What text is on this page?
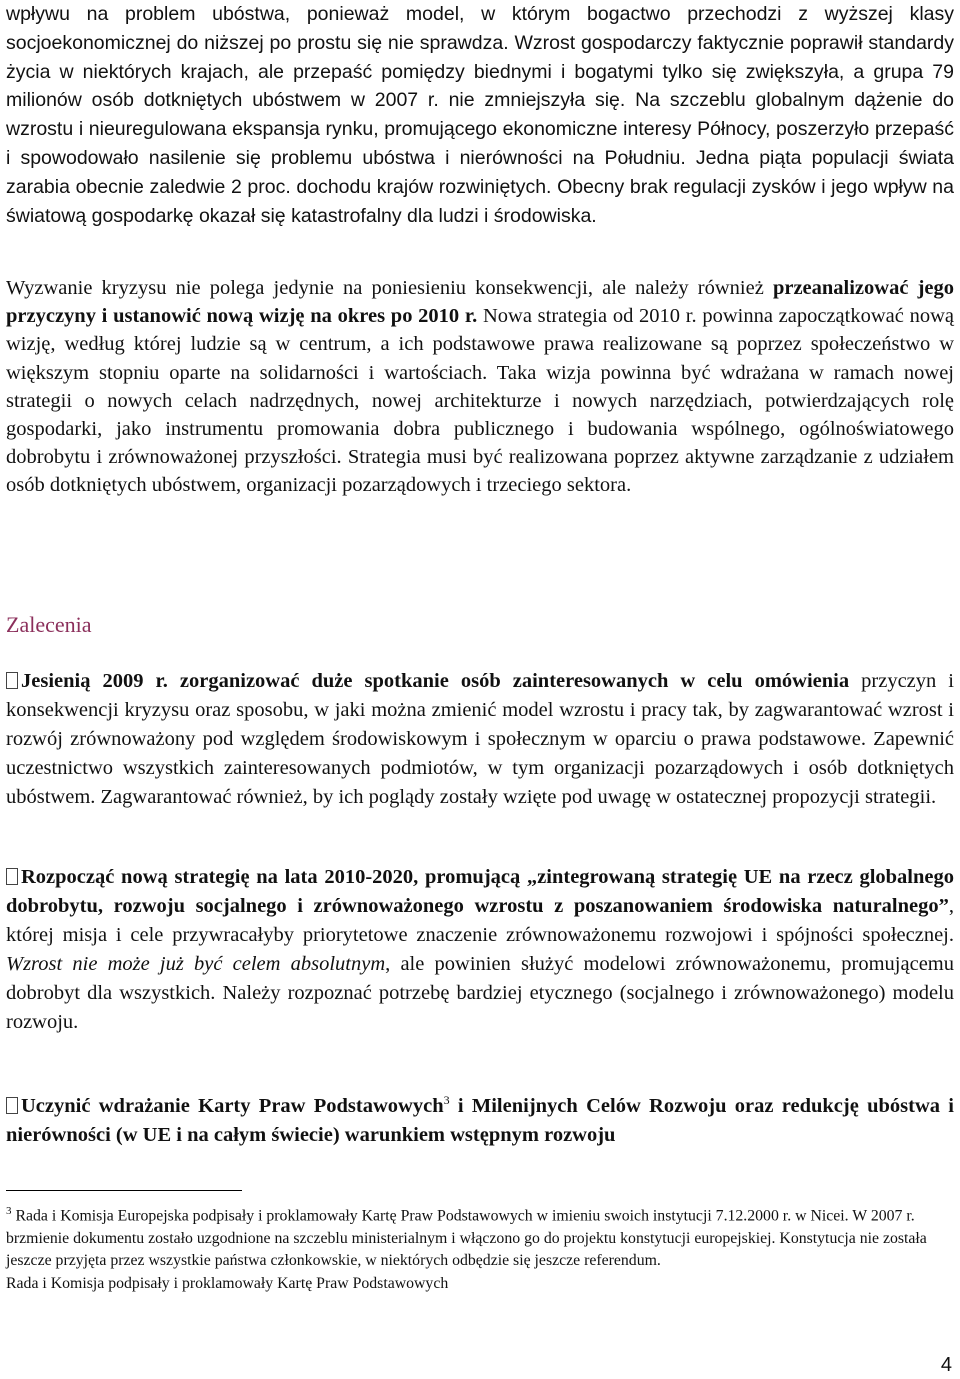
wpływu na problem ubóstwa, ponieważ model, w którym bogactwo przechodzi z wyższej klasy socjoekonomicznej do niższej po prostu się nie sprawdza. Wzrost gospodarczy faktycznie poprawił standardy życia w niektórych krajach, ale przepaść pomiędzy biednymi i bogatymi tylko się zwiększyła, a grupa 79 milionów osób dotkniętych ubóstwem w 2007 r. nie zmniejszyła się. Na szczeblu globalnym dążenie do wzrostu i nieuregulowana ekspansja rynku, promującego ekonomiczne interesy Północy, poszerzyło przepaść i spowodowało nasilenie się problemu ubóstwa i nierówności na Południu. Jedna piąta populacji świata zarabia obecnie zaledwie 2 proc. dochodu krajów rozwiniętych. Obecny brak regulacji zysków i jego wpływ na światową gospodarkę okazał się katastrofalny dla ludzi i środowiska.

Wyzwanie kryzysu nie polega jedynie na poniesieniu konsekwencji, ale należy również przeanalizować jego przyczyny i ustanowić nową wizję na okres po 2010 r. Nowa strategia od 2010 r. powinna zapoczątkować nową wizję, według której ludzie są w centrum, a ich podstawowe prawa realizowane są poprzez społeczeństwo w większym stopniu oparte na solidarności i wartościach. Taka wizja powinna być wdrażana w ramach nowej strategii o nowych celach nadrzędnych, nowej architekturze i nowych narzędziach, potwierdzających rolę gospodarki, jako instrumentu promowania dobra publicznego i budowania wspólnego, ogólnoświatowego dobrobytu i zrównoważonej przyszłości. Strategia musi być realizowana poprzez aktywne zarządzanie z udziałem osób dotkniętych ubóstwem, organizacji pozarządowych i trzeciego sektora.

Zalecenia

Jesienią 2009 r. zorganizować duże spotkanie osób zainteresowanych w celu omówienia przyczyn i konsekwencji kryzysu oraz sposobu, w jaki można zmienić model wzrostu i pracy tak, by zagwarantować wzrost i rozwój zrównoważony pod względem środowiskowym i społecznym w oparciu o prawa podstawowe. Zapewnić uczestnictwo wszystkich zainteresowanych podmiotów, w tym organizacji pozarządowych i osób dotkniętych ubóstwem. Zagwarantować również, by ich poglądy zostały wzięte pod uwagę w ostatecznej propozycji strategii.

Rozpocząć nową strategię na lata 2010-2020, promującą „zintegrowaną strategię UE na rzecz globalnego dobrobytu, rozwoju socjalnego i zrównoważonego wzrostu z poszanowaniem środowiska naturalnego”, której misja i cele przywracałyby priorytetowe znaczenie zrównoważonemu rozwojowi i spójności społecznej. Wzrost nie może już być celem absolutnym, ale powinien służyć modelowi zrównoważonemu, promującemu dobrobyt dla wszystkich. Należy rozpoznać potrzebę bardziej etycznego (socjalnego i zrównoważonego) modelu rozwoju.

Uczynić wdrażanie Karty Praw Podstawowych$^3$ i Milenijnych Celów Rozwoju oraz redukcję ubóstwa i nierówności (w UE i na całym świecie) warunkiem wstępnym rozwoju

$^3$ Rada i Komisja Europejska podpisały i proklamowały Kartę Praw Podstawowych w imieniu swoich instytucji 7.12.2000 r. w Nicei. W 2007 r. brzmienie dokumentu zostało uzgodnione na szczeblu ministerialnym i włączono go do projektu konstytucji europejskiej. Konstytucja nie została jeszcze przyjęta przez wszystkie państwa członkowskie, w niektórych odbędzie się jeszcze referendum.
Rada i Komisja podpisały i proklamowały Kartę Praw Podstawowych
4
